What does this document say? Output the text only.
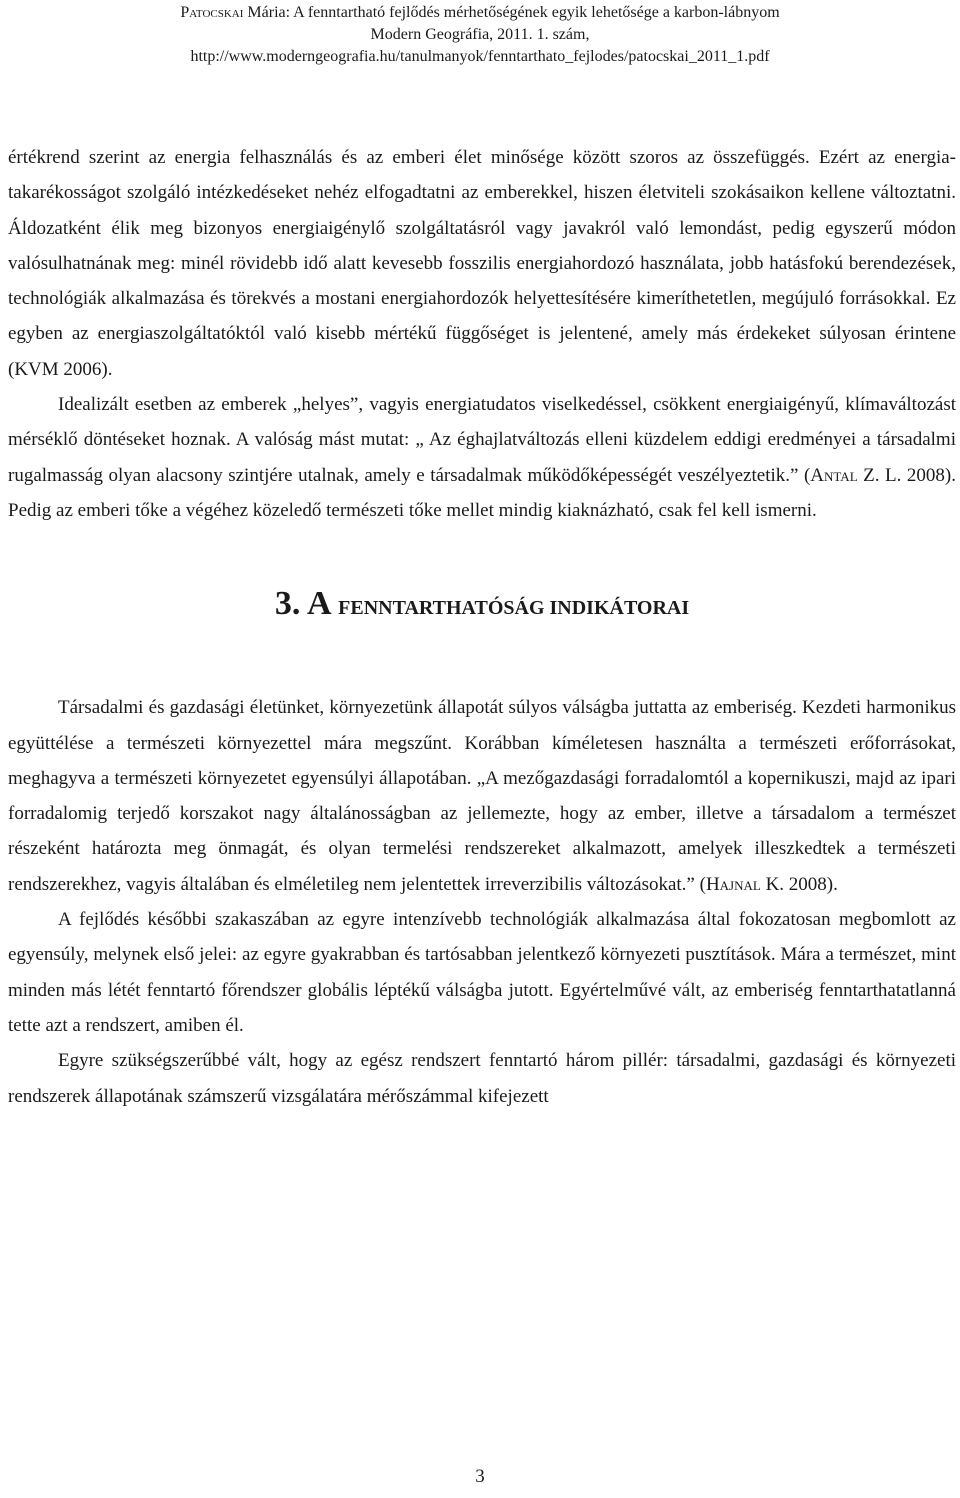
Patocskai Mária: A fenntartható fejlődés mérhetőségének egyik lehetősége a karbon-lábnyom
Modern Geográfia, 2011. 1. szám,
http://www.moderngeografia.hu/tanulmanyok/fenntarthato_fejlodes/patocskai_2011_1.pdf

értékrend szerint az energia felhasználás és az emberi élet minősége között szoros az összefüggés. Ezért az energia-takarékosságot szolgáló intézkedéseket nehéz elfogadtatni az emberekkel, hiszen életviteli szokásaikon kellene változtatni. Áldozatként élik meg bizonyos energiaigénylő szolgáltatásról vagy javakról való lemondást, pedig egyszerű módon valósulhatnának meg: minél rövidebb idő alatt kevesebb fosszilis energiahordozó használata, jobb hatásfokú berendezések, technológiák alkalmazása és törekvés a mostani energiahordozók helyettesítésére kimeríthetetlen, megújuló forrásokkal. Ez egyben az energiaszolgáltatóktól való kisebb mértékű függőséget is jelentené, amely más érdekeket súlyosan érintene (KVM 2006).

Idealizált esetben az emberek „helyes”, vagyis energiatudatos viselkedéssel, csökkent energiaigényű, klímaváltozást mérséklő döntéseket hoznak. A valóság mást mutat: „ Az éghajlatváltozás elleni küzdelem eddigi eredményei a társadalmi rugalmasság olyan alacsony szintjére utalnak, amely e társadalmak működőképességét veszélyeztetik.” (Antal Z. L. 2008). Pedig az emberi tőke a végéhez közeledő természeti tőke mellet mindig kiaknázható, csak fel kell ismerni.

3. A FENNTARTHATÓSÁG INDIKÁTORAI

Társadalmi és gazdasági életünket, környezetünk állapotát súlyos válságba juttatta az emberiség. Kezdeti harmonikus együttélése a természeti környezettel mára megszűnt. Korábban kíméletesen használta a természeti erőforrásokat, meghagyva a természeti környezetet egyensúlyi állapotában. „A mezőgazdasági forradalomtól a kopernikuszi, majd az ipari forradalomig terjedő korszakot nagy általánosságban az jellemezte, hogy az ember, illetve a társadalom a természet részeként határozta meg önmagát, és olyan termelési rendszereket alkalmazott, amelyek illeszkedtek a természeti rendszerekhez, vagyis általában és elméletileg nem jelentettek irreverzibilis változásokat.” (Hajnal K. 2008).

A fejlődés későbbi szakaszában az egyre intenzívebb technológiák alkalmazása által fokozatosan megbomlott az egyensúly, melynek első jelei: az egyre gyakrabban és tartósabban jelentkező környezeti pusztítások. Mára a természet, mint minden más létét fenntartó főrendszer globális léptékű válságba jutott. Egyértelművé vált, az emberiség fenntarthatatlanná tette azt a rendszert, amiben él.

Egyre szükségszerűbbé vált, hogy az egész rendszert fenntartó három pillér: társadalmi, gazdasági és környezeti rendszerek állapotának számszerű vizsgálatára mérőszámmal kifejezett

3
